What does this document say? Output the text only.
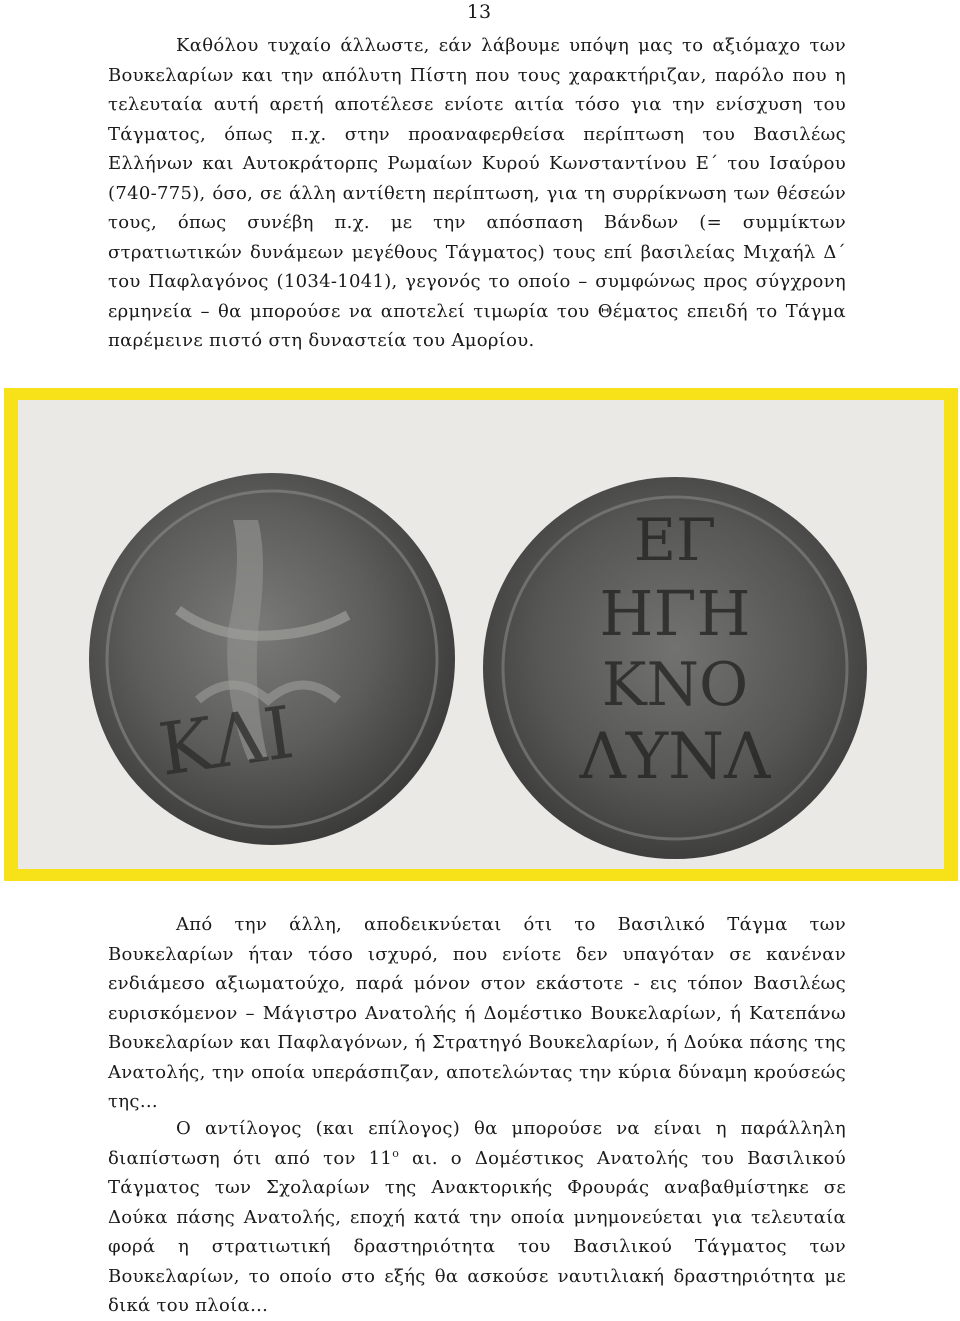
13

Καθόλου τυχαίο άλλωστε, εάν λάβουμε υπόψη μας το αξιόμαχο των Βουκελαρίων και την απόλυτη Πίστη που τους χαρακτήριζαν, παρόλο που η τελευταία αυτή αρετή αποτέλεσε ενίοτε αιτία τόσο για την ενίσχυση του Τάγματος, όπως π.χ. στην προαναφερθείσα περίπτωση του Βασιλέως Ελλήνων και Αυτοκράτορπς Ρωμαίων Κυρού Κωνσταντίνου Ε΄ του Ισαύρου (740-775), όσο, σε άλλη αντίθετη περίπτωση, για τη συρρίκνωση των θέσεών τους, όπως συνέβη π.χ. με την απόσπαση Βάνδων (= συμμίκτων στρατιωτικών δυνάμεων μεγέθους Τάγματος) τους επί βασιλείας Μιχαήλ Δ΄ του Παφλαγόνος (1034-1041), γεγονός το οποίο – συμφώνως προς σύγχρονη ερμηνεία – θα μπορούσε να αποτελεί τιμωρία του Θέματος επειδή το Τάγμα παρέμεινε πιστό στη δυναστεία του Αμορίου.

ΚΛΙ
ΕΓ
ΗΓΗ
ΚΝΟ
ΛΥΝΛ

Από την άλλη, αποδεικνύεται ότι το Βασιλικό Τάγμα των Βουκελαρίων ήταν τόσο ισχυρό, που ενίοτε δεν υπαγόταν σε κανέναν ενδιάμεσο αξιωματούχο, παρά μόνον στον εκάστοτε - εις τόπον Βασιλέως ευρισκόμενον – Μάγιστρο Ανατολής ή Δομέστικο Βουκελαρίων, ή Κατεπάνω Βουκελαρίων και Παφλαγόνων, ή Στρατηγό Βουκελαρίων, ή Δούκα πάσης της Ανατολής, την οποία υπεράσπιζαν, αποτελώντας την κύρια δύναμη κρούσεώς της…

Ο αντίλογος (και επίλογος) θα μπορούσε να είναι η παράλληλη διαπίστωση ότι από τον $11^o$ αι. ο Δομέστικος Ανατολής του Βασιλικού Τάγματος των Σχολαρίων της Ανακτορικής Φρουράς αναβαθμίστηκε σε Δούκα πάσης Ανατολής, εποχή κατά την οποία μνημονεύεται για τελευταία φορά η στρατιωτική δραστηριότητα του Βασιλικού Τάγματος των Βουκελαρίων, το οποίο στο εξής θα ασκούσε ναυτιλιακή δραστηριότητα με δικά του πλοία…
